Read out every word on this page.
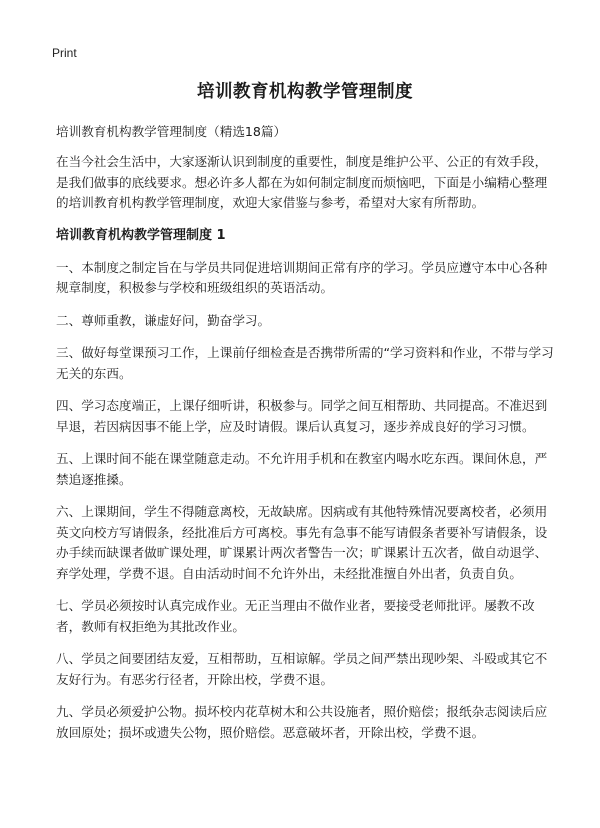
Print
培训教育机构教学管理制度

培训教育机构教学管理制度（精选18篇）

在当今社会生活中，大家逐渐认识到制度的重要性，制度是维护公平、公正的有效手段，是我们做事的底线要求。想必许多人都在为如何制定制度而烦恼吧，下面是小编精心整理的培训教育机构教学管理制度，欢迎大家借鉴与参考，希望对大家有所帮助。

培训教育机构教学管理制度 1

一、本制度之制定旨在与学员共同促进培训期间正常有序的学习。学员应遵守本中心各种规章制度，积极参与学校和班级组织的英语活动。

二、尊师重教，谦虚好问，勤奋学习。

三、做好每堂课预习工作，上课前仔细检查是否携带所需的“学习资料和作业，不带与学习无关的东西。

四、学习态度端正，上课仔细听讲，积极参与。同学之间互相帮助、共同提高。不准迟到早退，若因病因事不能上学，应及时请假。课后认真复习，逐步养成良好的学习习惯。

五、上课时间不能在课堂随意走动。不允许用手机和在教室内喝水吃东西。课间休息，严禁追逐推搡。

六、上课期间，学生不得随意离校，无故缺席。因病或有其他特殊情况要离校者，必须用英文向校方写请假条，经批准后方可离校。事先有急事不能写请假条者要补写请假条，设办手续而缺课者做旷课处理，旷课累计两次者警告一次；旷课累计五次者，做自动退学、弃学处理，学费不退。自由活动时间不允许外出，未经批准擅自外出者，负责自负。

七、学员必须按时认真完成作业。无正当理由不做作业者，要接受老师批评。屡教不改者，教师有权拒绝为其批改作业。

八、学员之间要团结友爱，互相帮助，互相谅解。学员之间严禁出现吵架、斗殴或其它不友好行为。有恶劣行径者，开除出校，学费不退。

九、学员必须爱护公物。损坏校内花草树木和公共设施者，照价赔偿；报纸杂志阅读后应放回原处；损坏或遗失公物，照价赔偿。恶意破坏者，开除出校，学费不退。
